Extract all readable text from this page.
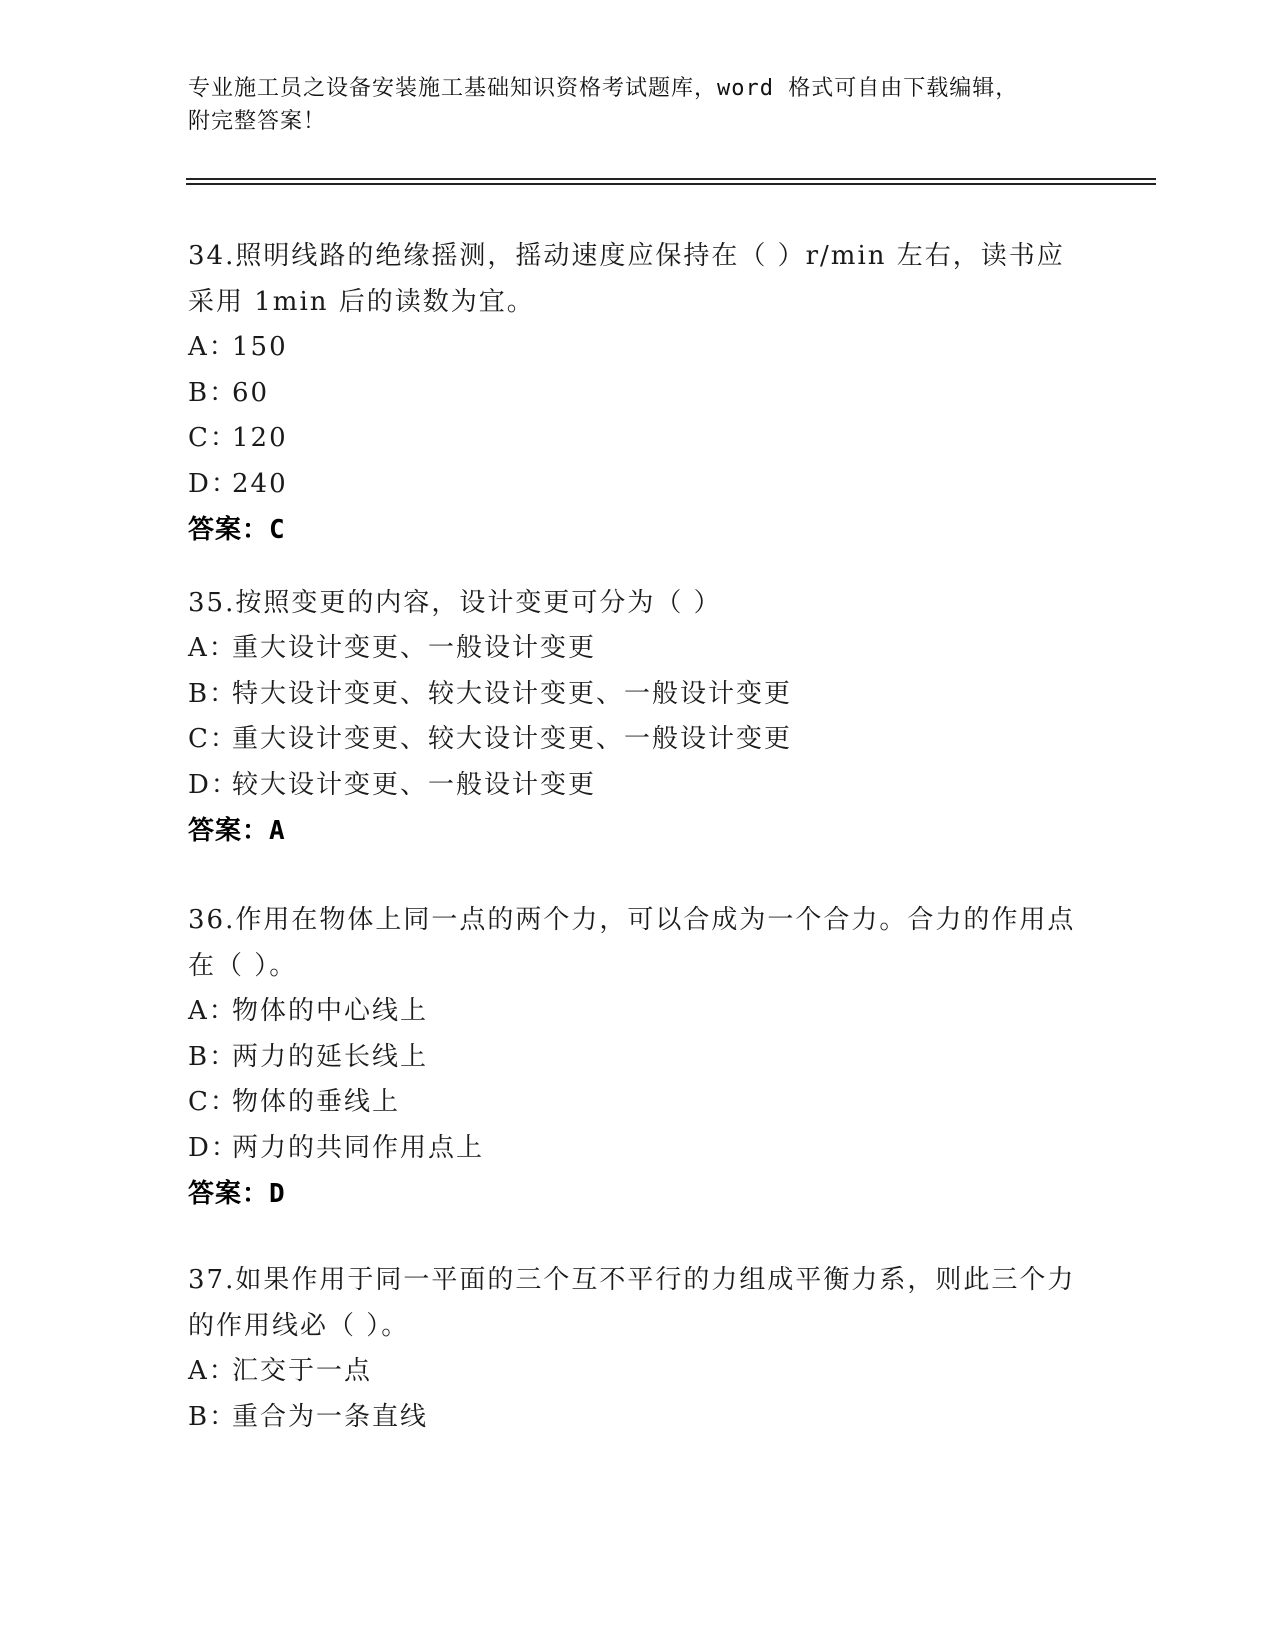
专业施工员之设备安装施工基础知识资格考试题库，word 格式可自由下载编辑，
附完整答案！

34.照明线路的绝缘摇测，摇动速度应保持在（ ）r/min 左右，读书应采用 1min 后的读数为宜。

A：
150
B：
60
C：
120
D：
240
答案：C

35.按照变更的内容，设计变更可分为（ ）

A：
重大设计变更、一般设计变更
B：
特大设计变更、较大设计变更、一般设计变更
C：
重大设计变更、较大设计变更、一般设计变更
D：
较大设计变更、一般设计变更
答案：A

36.作用在物体上同一点的两个力，可以合成为一个合力。合力的作用点在（ ）。

A：
物体的中心线上
B：
两力的延长线上
C：
物体的垂线上
D：
两力的共同作用点上
答案：D

37.如果作用于同一平面的三个互不平行的力组成平衡力系，则此三个力的作用线必（ ）。

A：
汇交于一点
B：
重合为一条直线
